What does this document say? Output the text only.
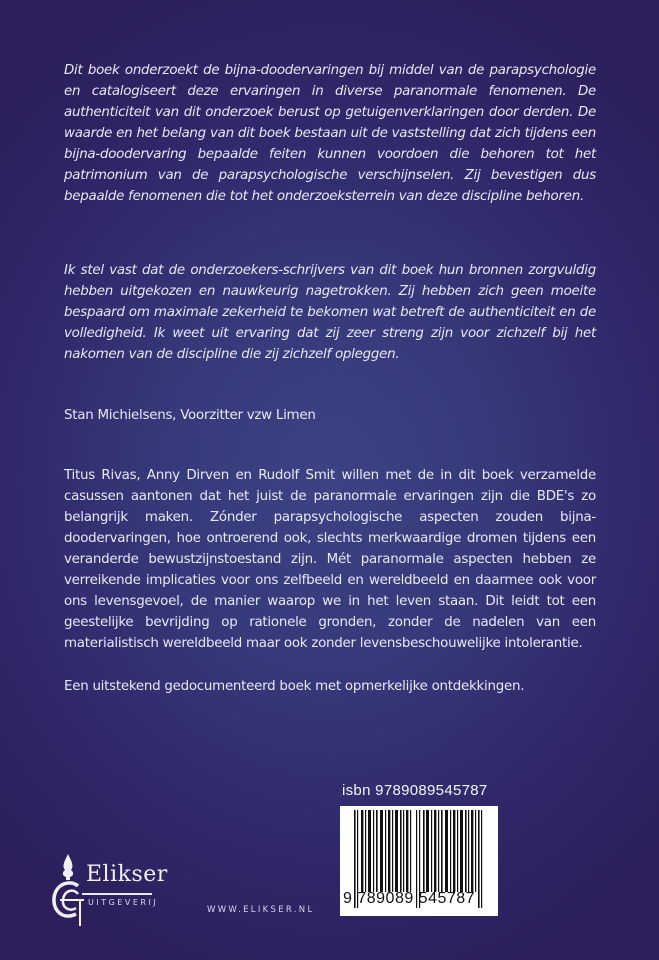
Dit boek onderzoekt de bijna-doodervaringen bij middel van de parapsychologie en catalogiseert deze ervaringen in diverse paranormale fenomenen. De authenticiteit van dit onderzoek berust op getuigenverklaringen door derden. De waarde en het belang van dit boek bestaan uit de vaststelling dat zich tijdens een bijna-doodervaring bepaalde feiten kunnen voordoen die behoren tot het patrimonium van de parapsychologische verschijnselen. Zij bevestigen dus bepaalde fenomenen die tot het onderzoeksterrein van deze discipline behoren.
Ik stel vast dat de onderzoekers-schrijvers van dit boek hun bronnen zorgvuldig hebben uitgekozen en nauwkeurig nagetrokken. Zij hebben zich geen moeite bespaard om maximale zekerheid te bekomen wat betreft de authenticiteit en de volledigheid. Ik weet uit ervaring dat zij zeer streng zijn voor zichzelf bij het nakomen van de discipline die zij zichzelf opleggen.
Stan Michielsens, Voorzitter vzw Limen
Titus Rivas, Anny Dirven en Rudolf Smit willen met de in dit boek verzamelde casussen aantonen dat het juist de paranormale ervaringen zijn die BDE's zo belangrijk maken. Zónder parapsychologische aspecten zouden bijna-doodervaringen, hoe ontroerend ook, slechts merkwaardige dromen tijdens een veranderde bewustzijnstoestand zijn. Mét paranormale aspecten hebben ze verreikende implicaties voor ons zelfbeeld en wereldbeeld en daarmee ook voor ons levensgevoel, de manier waarop we in het leven staan. Dit leidt tot een geestelijke bevrijding op rationele gronden, zonder de nadelen van een materialistisch wereldbeeld maar ook zonder levensbeschouwelijke intolerantie.
Een uitstekend gedocumenteerd boek met opmerkelijke ontdekkingen.
Elikser
UITGEVERIJ
WWW.ELIKSER.NL
isbn 9789089545787
9 789089 545787
